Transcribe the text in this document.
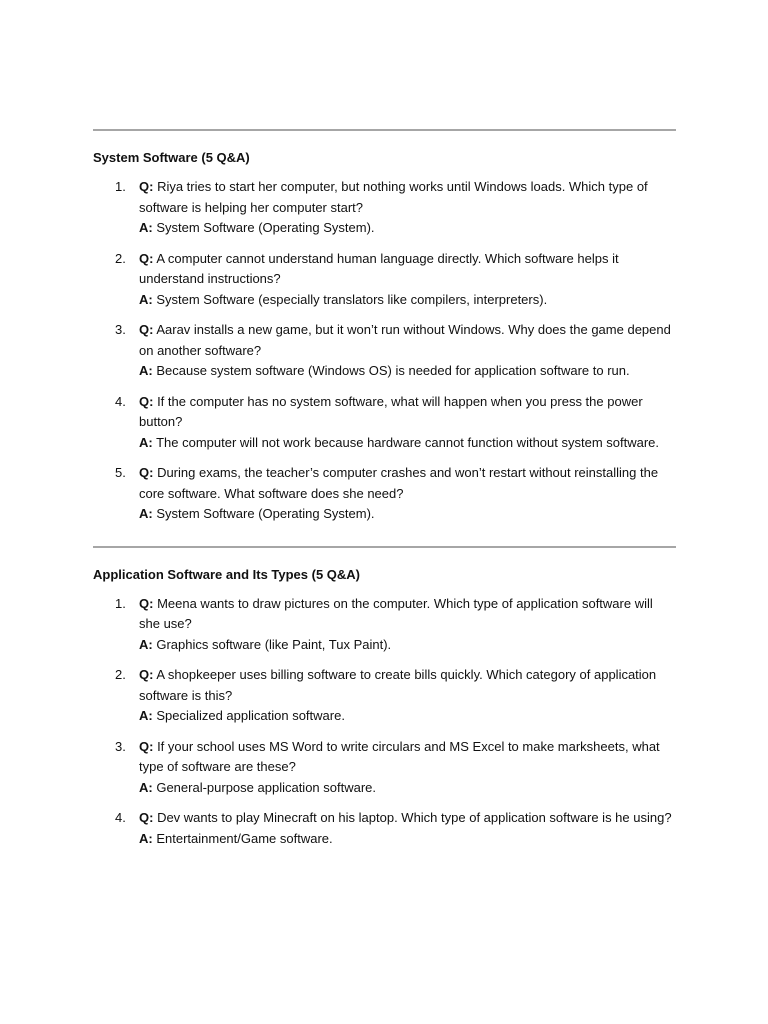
System Software (5 Q&A)
1. Q: Riya tries to start her computer, but nothing works until Windows loads. Which type of software is helping her computer start?
A: System Software (Operating System).
2. Q: A computer cannot understand human language directly. Which software helps it understand instructions?
A: System Software (especially translators like compilers, interpreters).
3. Q: Aarav installs a new game, but it won’t run without Windows. Why does the game depend on another software?
A: Because system software (Windows OS) is needed for application software to run.
4. Q: If the computer has no system software, what will happen when you press the power button?
A: The computer will not work because hardware cannot function without system software.
5. Q: During exams, the teacher’s computer crashes and won’t restart without reinstalling the core software. What software does she need?
A: System Software (Operating System).
Application Software and Its Types (5 Q&A)
1. Q: Meena wants to draw pictures on the computer. Which type of application software will she use?
A: Graphics software (like Paint, Tux Paint).
2. Q: A shopkeeper uses billing software to create bills quickly. Which category of application software is this?
A: Specialized application software.
3. Q: If your school uses MS Word to write circulars and MS Excel to make marksheets, what type of software are these?
A: General-purpose application software.
4. Q: Dev wants to play Minecraft on his laptop. Which type of application software is he using?
A: Entertainment/Game software.
